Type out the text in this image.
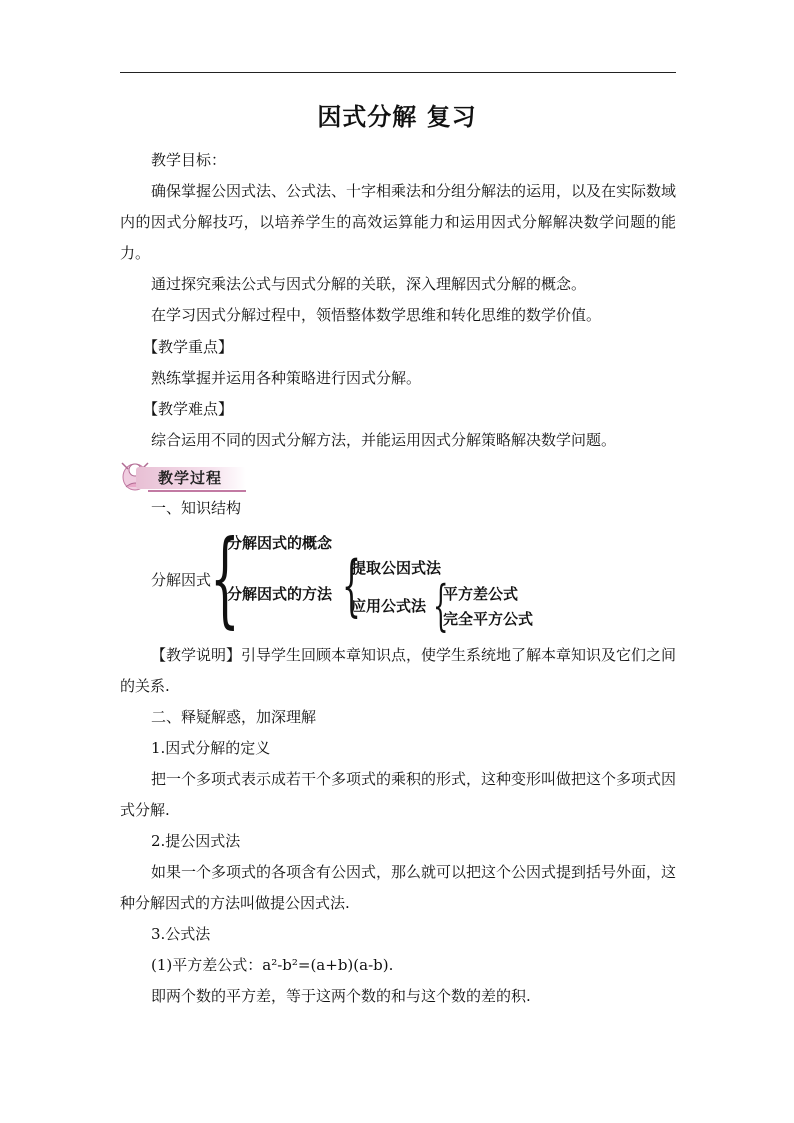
因式分解 复习
教学目标：
确保掌握公因式法、公式法、十字相乘法和分组分解法的运用，以及在实际数域内的因式分解技巧，以培养学生的高效运算能力和运用因式分解解决数学问题的能力。
通过探究乘法公式与因式分解的关联，深入理解因式分解的概念。
在学习因式分解过程中，领悟整体数学思维和转化思维的数学价值。
【教学重点】
熟练掌握并运用各种策略进行因式分解。
【教学难点】
综合运用不同的因式分解方法，并能运用因式分解策略解决数学问题。
教学过程
一、知识结构
分解因式
{
分解因式的概念
分解因式的方法 {
提取公因式法
应用公式法 {
平方差公式
完全平方公式
【教学说明】引导学生回顾本章知识点，使学生系统地了解本章知识及它们之间的关系.
二、释疑解惑，加深理解
1.因式分解的定义
把一个多项式表示成若干个多项式的乘积的形式，这种变形叫做把这个多项式因式分解.
2.提公因式法
如果一个多项式的各项含有公因式，那么就可以把这个公因式提到括号外面，这种分解因式的方法叫做提公因式法.
3.公式法
(1)平方差公式：a²-b²=(a+b)(a-b).
即两个数的平方差，等于这两个数的和与这个数的差的积.
